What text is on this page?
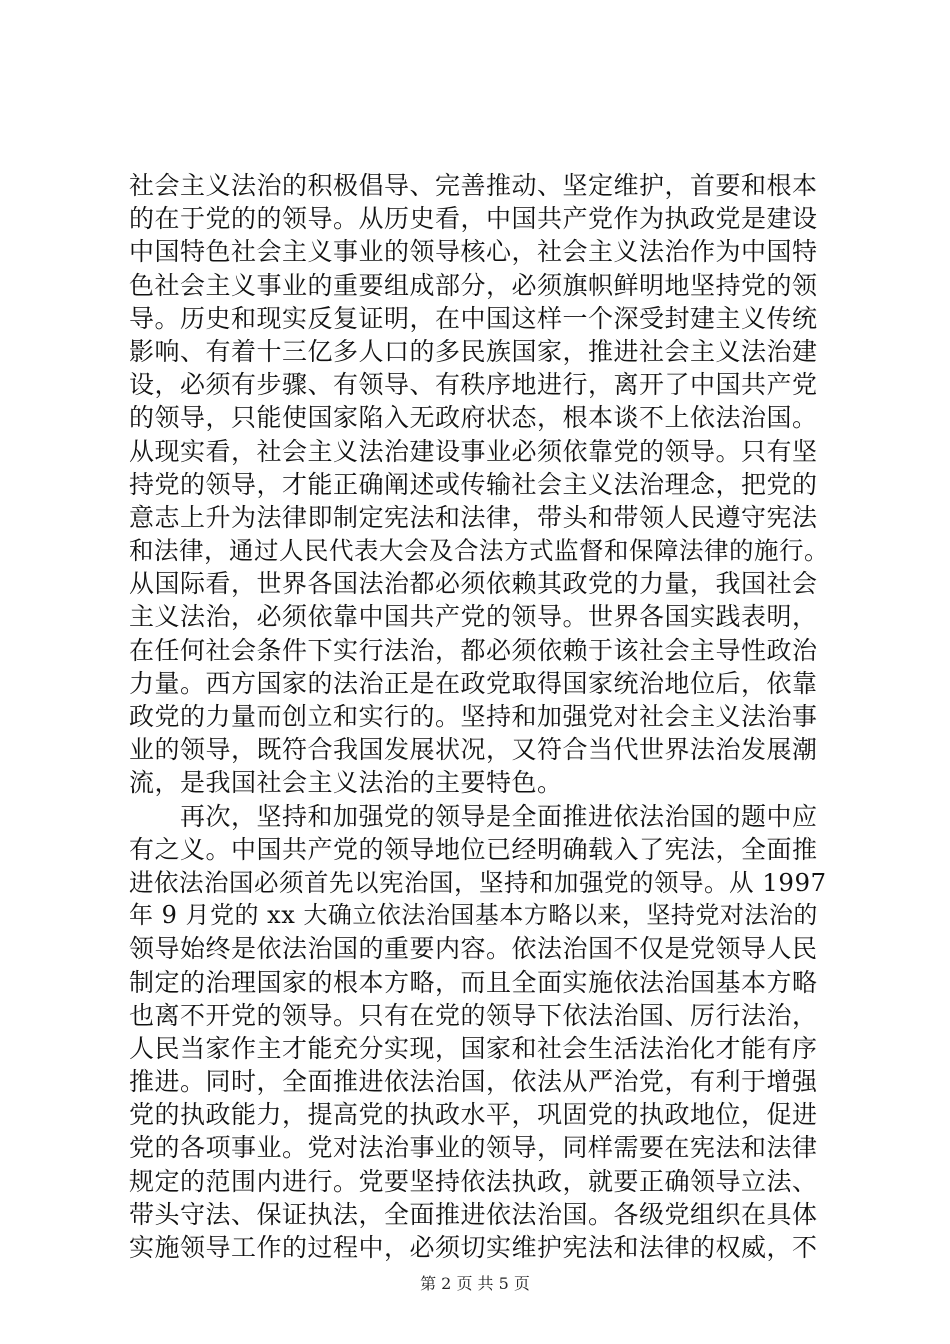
社会主义法治的积极倡导、完善推动、坚定维护，首要和根本
的在于党的的领导。从历史看，中国共产党作为执政党是建设
中国特色社会主义事业的领导核心，社会主义法治作为中国特
色社会主义事业的重要组成部分，必须旗帜鲜明地坚持党的领
导。历史和现实反复证明，在中国这样一个深受封建主义传统
影响、有着十三亿多人口的多民族国家，推进社会主义法治建
设，必须有步骤、有领导、有秩序地进行，离开了中国共产党
的领导，只能使国家陷入无政府状态，根本谈不上依法治国。
从现实看，社会主义法治建设事业必须依靠党的领导。只有坚
持党的领导，才能正确阐述或传输社会主义法治理念，把党的
意志上升为法律即制定宪法和法律，带头和带领人民遵守宪法
和法律，通过人民代表大会及合法方式监督和保障法律的施行。
从国际看，世界各国法治都必须依赖其政党的力量，我国社会
主义法治，必须依靠中国共产党的领导。世界各国实践表明，
在任何社会条件下实行法治，都必须依赖于该社会主导性政治
力量。西方国家的法治正是在政党取得国家统治地位后，依靠
政党的力量而创立和实行的。坚持和加强党对社会主义法治事
业的领导，既符合我国发展状况，又符合当代世界法治发展潮
流，是我国社会主义法治的主要特色。
　　再次，坚持和加强党的领导是全面推进依法治国的题中应
有之义。中国共产党的领导地位已经明确载入了宪法，全面推
进依法治国必须首先以宪治国，坚持和加强党的领导。从 1997
年 9 月党的 xx 大确立依法治国基本方略以来，坚持党对法治的
领导始终是依法治国的重要内容。依法治国不仅是党领导人民
制定的治理国家的根本方略，而且全面实施依法治国基本方略
也离不开党的领导。只有在党的领导下依法治国、厉行法治，
人民当家作主才能充分实现，国家和社会生活法治化才能有序
推进。同时，全面推进依法治国，依法从严治党，有利于增强
党的执政能力，提高党的执政水平，巩固党的执政地位，促进
党的各项事业。党对法治事业的领导，同样需要在宪法和法律
规定的范围内进行。党要坚持依法执政，就要正确领导立法、
带头守法、保证执法，全面推进依法治国。各级党组织在具体
实施领导工作的过程中，必须切实维护宪法和法律的权威，不
第 2 页 共 5 页
